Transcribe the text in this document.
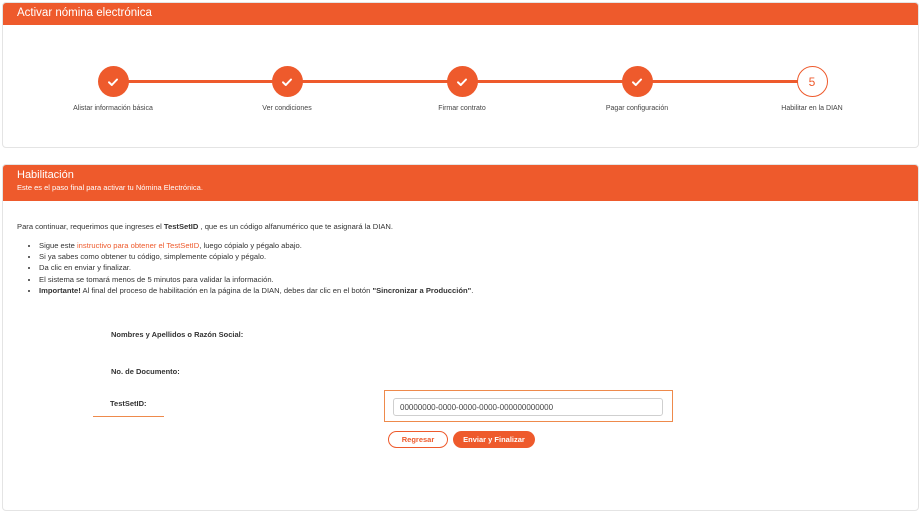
Activar nómina electrónica
Alistar información básica	Ver condiciones	Firmar contrato	Pagar configuración
5
Habilitar en la DIAN
Habilitación
Este es el paso final para activar tu Nómina Electrónica.

Para continuar, requerimos que ingreses el TestSetID , que es un código alfanumérico que te asignará la DIAN.

• Sigue este instructivo para obtener el TestSetID, luego cópialo y pégalo abajo.
• Si ya sabes como obtener tu código, simplemente cópialo y pégalo.
• Da clic en enviar y finalizar.
• El sistema se tomará menos de 5 minutos para validar la información.
• Importante! Al final del proceso de habilitación en la página de la DIAN, debes dar clic en el botón "Sincronizar a Producción".
Nombres y Apellidos o Razón Social:
No. de Documento:
TestSetID:
00000000-0000-0000-0000-000000000000
Regresar	Enviar y Finalizar
